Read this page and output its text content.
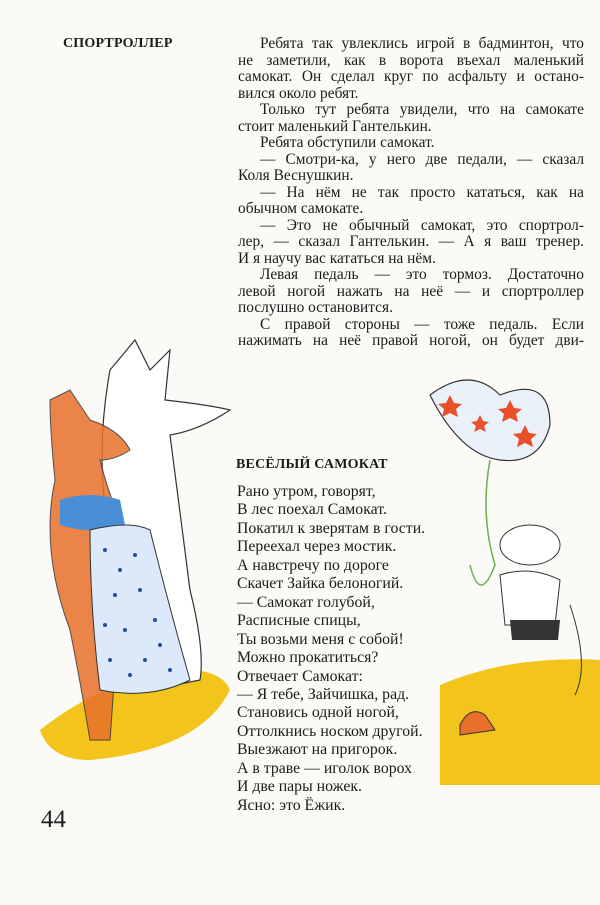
СПОРТРОЛЛЕР	Ребята так увлеклись игрой в бадминтон, что
не заметили, как в ворота въехал маленький
самокат. Он сделал круг по асфальту и остано-
вился около ребят.
Только тут ребята увидели, что на самокате
стоит маленький Гантелькин.
Ребята обступили самокат.
— Смотри-ка, у него две педали, — сказал
Коля Веснушкин.
— На нём не так просто кататься, как на
обычном самокате.
— Это не обычный самокат, это спортрол-
лер, — сказал Гантелькин. — А я ваш тренер.
И я научу вас кататься на нём.
Левая педаль — это тормоз. Достаточно
левой ногой нажать на неё — и спортроллер
послушно остановится.
С правой стороны — тоже педаль. Если
нажимать на неё правой ногой, он будет дви-
ВЕСЁЛЫЙ САМОКАТ
Рано утром, говорят,
В лес поехал Самокат.
Покатил к зверятам в гости.
Переехал через мостик.
А навстречу по дороге
Скачет Зайка белоногий.
— Самокат голубой,
Расписные спицы,
Ты возьми меня с собой!
Можно прокатиться?
Отвечает Самокат:
— Я тебе, Зайчишка, рад.
Становись одной ногой,
Оттолкнись носком другой.
Выезжают на пригорок.
А в траве — иголок ворох
И две пары ножек.
Ясно: это Ёжик.
44
